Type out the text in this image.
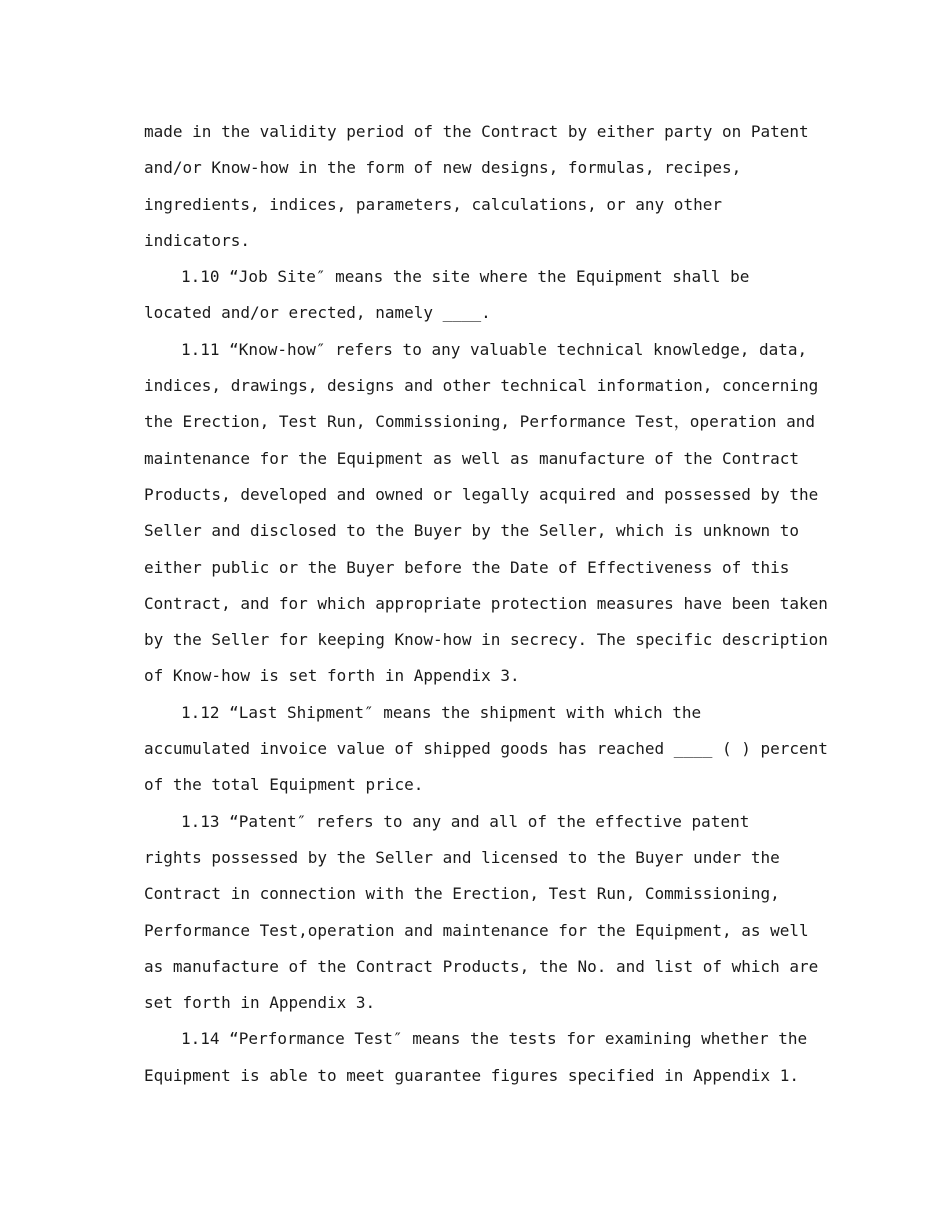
made in the validity period of the Contract by either party on Patent
and/or Know-how in the form of new designs, formulas, recipes,
ingredients, indices, parameters, calculations, or any other
indicators.
1.10 “Job Site″ means the site where the Equipment shall be
located and/or erected, namely ____.
1.11 “Know-how″ refers to any valuable technical knowledge, data,
indices, drawings, designs and other technical information, concerning
the Erection, Test Run, Commissioning, Performance Test，operation and
maintenance for the Equipment as well as manufacture of the Contract
Products, developed and owned or legally acquired and possessed by the
Seller and disclosed to the Buyer by the Seller, which is unknown to
either public or the Buyer before the Date of Effectiveness of this
Contract, and for which appropriate protection measures have been taken
by the Seller for keeping Know-how in secrecy. The specific description
of Know-how is set forth in Appendix 3.
1.12 “Last Shipment″ means the shipment with which the
accumulated invoice value of shipped goods has reached ____ ( ) percent
of the total Equipment price.
1.13 “Patent″ refers to any and all of the effective patent
rights possessed by the Seller and licensed to the Buyer under the
Contract in connection with the Erection, Test Run, Commissioning,
Performance Test,operation and maintenance for the Equipment, as well
as manufacture of the Contract Products, the No. and list of which are
set forth in Appendix 3.
1.14 “Performance Test″ means the tests for examining whether the
Equipment is able to meet guarantee figures specified in Appendix 1.
